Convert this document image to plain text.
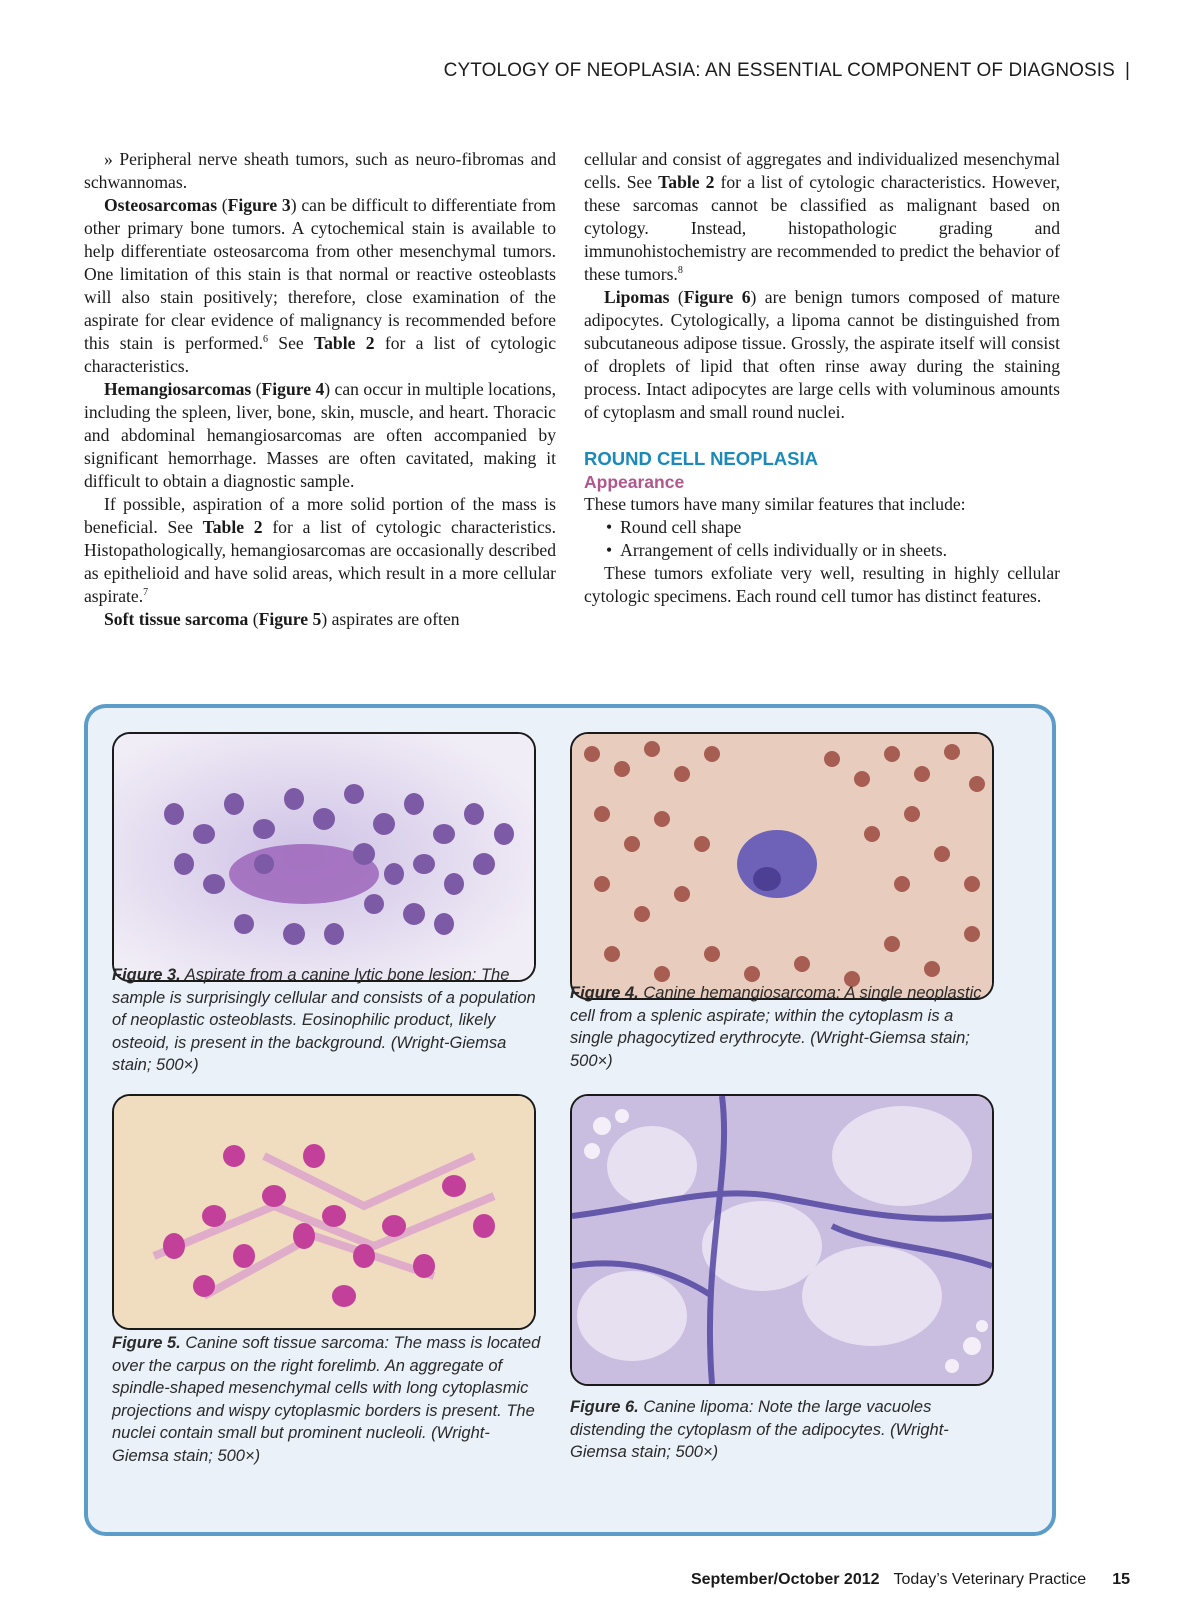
CYTOLOGY OF NEOPLASIA: AN ESSENTIAL COMPONENT OF DIAGNOSIS |

» Peripheral nerve sheath tumors, such as neuro-fibromas and schwannomas.

Osteosarcomas (Figure 3) can be difficult to differentiate from other primary bone tumors. A cytochemical stain is available to help differentiate osteosarcoma from other mesenchymal tumors. One limitation of this stain is that normal or reactive osteoblasts will also stain positively; therefore, close examination of the aspirate for clear evidence of malignancy is recommended before this stain is performed.$^6$ See Table 2 for a list of cytologic characteristics.

Hemangiosarcomas (Figure 4) can occur in multiple locations, including the spleen, liver, bone, skin, muscle, and heart. Thoracic and abdominal hemangiosarcomas are often accompanied by significant hemorrhage. Masses are often cavitated, making it difficult to obtain a diagnostic sample.

If possible, aspiration of a more solid portion of the mass is beneficial. See Table 2 for a list of cytologic characteristics. Histopathologically, hemangiosarcomas are occasionally described as epithelioid and have solid areas, which result in a more cellular aspirate.$^7$

Soft tissue sarcoma (Figure 5) aspirates are often

cellular and consist of aggregates and individualized mesenchymal cells. See Table 2 for a list of cytologic characteristics. However, these sarcomas cannot be classified as malignant based on cytology. Instead, histopathologic grading and immunohistochemistry are recommended to predict the behavior of these tumors.$^8$

Lipomas (Figure 6) are benign tumors composed of mature adipocytes. Cytologically, a lipoma cannot be distinguished from subcutaneous adipose tissue. Grossly, the aspirate itself will consist of droplets of lipid that often rinse away during the staining process. Intact adipocytes are large cells with voluminous amounts of cytoplasm and small round nuclei.

ROUND CELL NEOPLASIA
Appearance

These tumors have many similar features that include:

• Round cell shape
• Arrangement of cells individually or in sheets.

These tumors exfoliate very well, resulting in highly cellular cytologic specimens. Each round cell tumor has distinct features.

Figure 3. Aspirate from a canine lytic bone lesion: The sample is surprisingly cellular and consists of a population of neoplastic osteoblasts. Eosinophilic product, likely osteoid, is present in the background. (Wright-Giemsa stain; 500×)
Figure 4. Canine hemangiosarcoma: A single neoplastic cell from a splenic aspirate; within the cytoplasm is a single phagocytized erythrocyte. (Wright-Giemsa stain; 500×)
Figure 5. Canine soft tissue sarcoma: The mass is located over the carpus on the right forelimb. An aggregate of spindle-shaped mesenchymal cells with long cytoplasmic projections and wispy cytoplasmic borders is present. The nuclei contain small but prominent nucleoli. (Wright-Giemsa stain; 500×)
Figure 6. Canine lipoma: Note the large vacuoles distending the cytoplasm of the adipocytes. (Wright-Giemsa stain; 500×)
September/October 2012 Today’s Veterinary Practice 15
